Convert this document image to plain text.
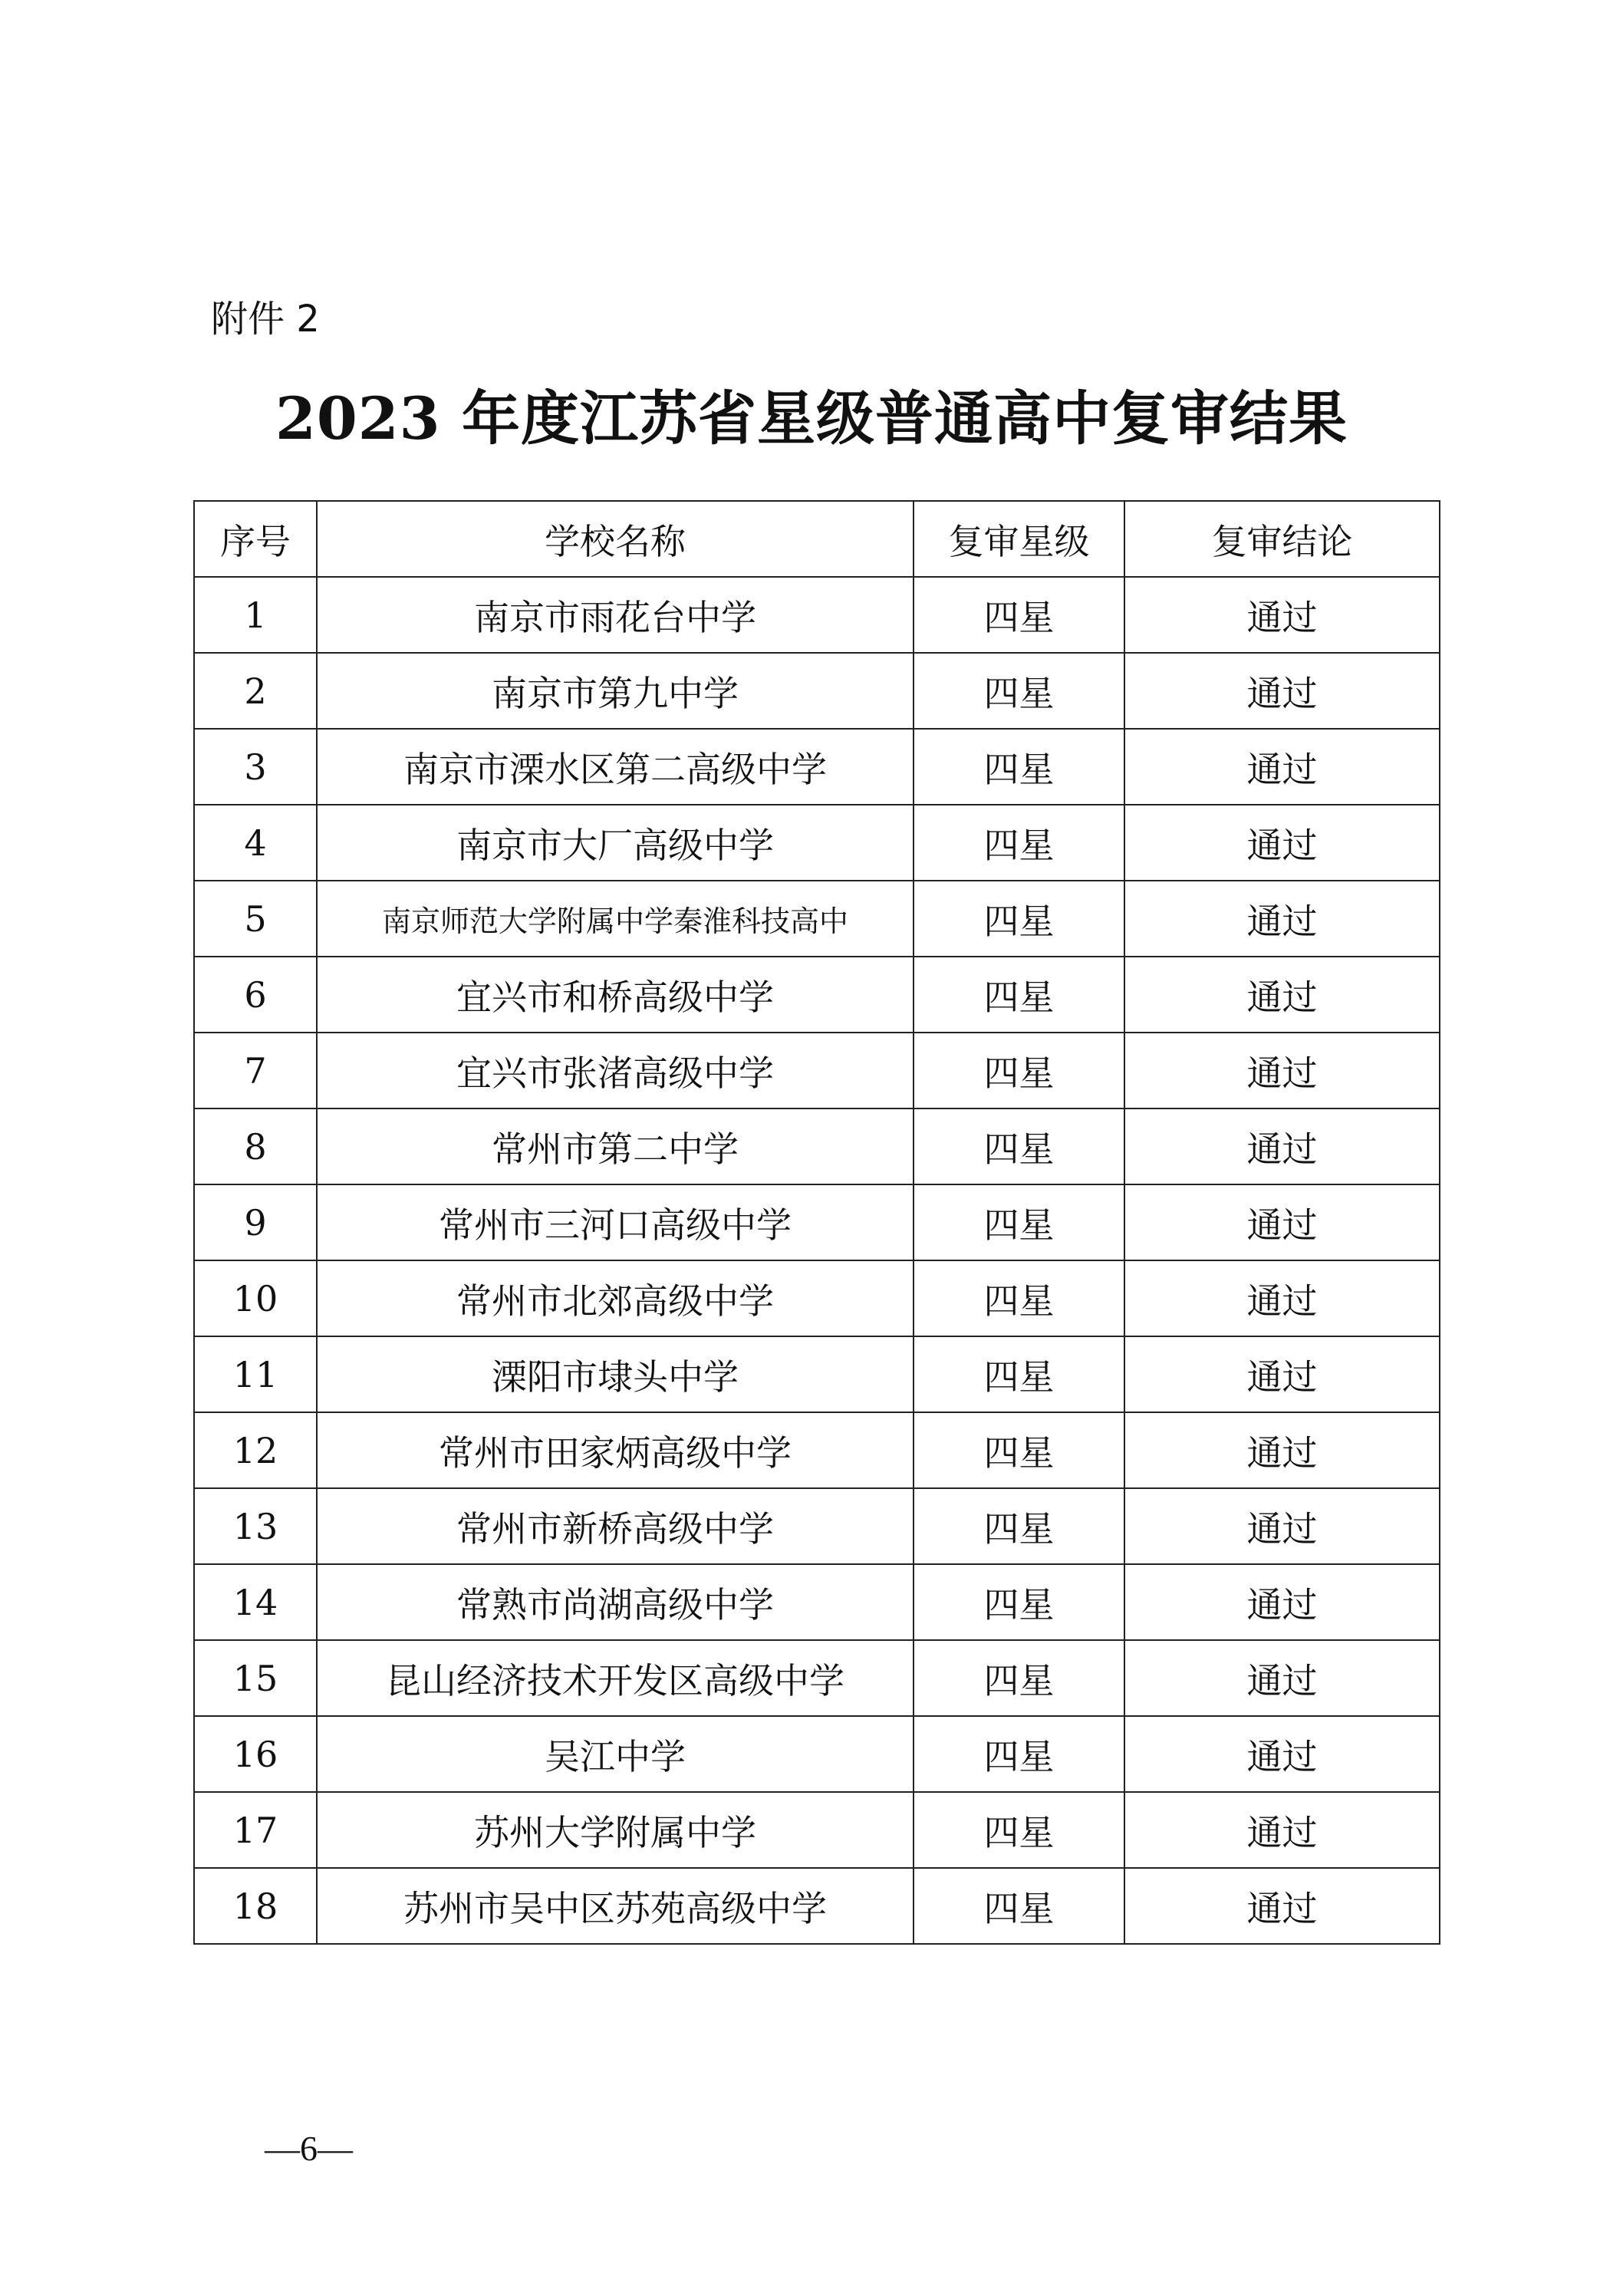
附件 2
2023 年度江苏省星级普通高中复审结果
序号	学校名称	复审星级	复审结论
1	南京市雨花台中学	四星	通过
2	南京市第九中学	四星	通过
3	南京市溧水区第二高级中学	四星	通过
4	南京市大厂高级中学	四星	通过
5	南京师范大学附属中学秦淮科技高中	四星	通过
6	宜兴市和桥高级中学	四星	通过
7	宜兴市张渚高级中学	四星	通过
8	常州市第二中学	四星	通过
9	常州市三河口高级中学	四星	通过
10	常州市北郊高级中学	四星	通过
11	溧阳市埭头中学	四星	通过
12	常州市田家炳高级中学	四星	通过
13	常州市新桥高级中学	四星	通过
14	常熟市尚湖高级中学	四星	通过
15	昆山经济技术开发区高级中学	四星	通过
16	吴江中学	四星	通过
17	苏州大学附属中学	四星	通过
18	苏州市吴中区苏苑高级中学	四星	通过
—6—
